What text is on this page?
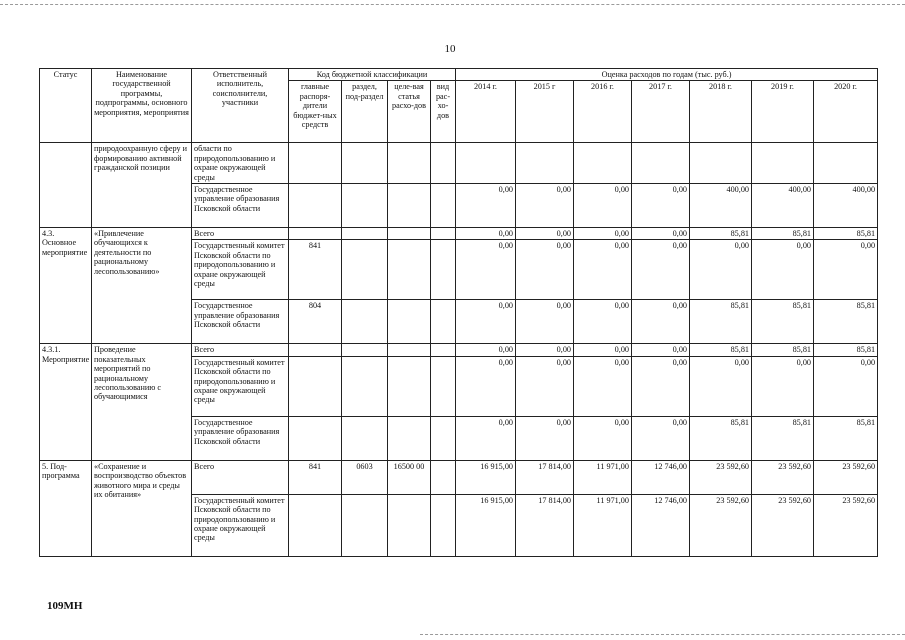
10
Статус	Наименование государственной программы, подпрограммы, основного мероприятия, мероприятия	Ответственный исполнитель, соисполнители, участники	Код бюджетной классификации				Оценка расходов по годам (тыс. руб.)						
			главные распоря-дители бюджет-ных средств	раздел, под-раздел	целе-вая статья расхо-дов	вид рас-хо-дов	2014 г.	2015 г	2016 г.	2017 г.	2018 г.	2019 г.	2020 г.
	природоохранную сферу и формированию активной гражданской позиции	области по природопользованию и охране окружающей среды											
		Государственное управление образования Псковской области					0,00	0,00	0,00	0,00	400,00	400,00	400,00
4.3. Основное мероприятие	«Привлечение обучающихся к деятельности по рациональному лесопользованию»	Всего					0,00	0,00	0,00	0,00	85,81	85,81	85,81
		Государственный комитет Псковской области по природопользованию и охране окружающей среды	841				0,00	0,00	0,00	0,00	0,00	0,00	0,00
		Государственное управление образования Псковской области	804				0,00	0,00	0,00	0,00	85,81	85,81	85,81
4.3.1. Мероприятие	Проведение показательных мероприятий по рациональному лесопользованию с обучающимися	Всего					0,00	0,00	0,00	0,00	85,81	85,81	85,81
		Государственный комитет Псковской области по природопользованию и охране окружающей среды					0,00	0,00	0,00	0,00	0,00	0,00	0,00
		Государственное управление образования Псковской области					0,00	0,00	0,00	0,00	85,81	85,81	85,81
5. Под-программа	«Сохранение и воспроизводство объектов животного мира и среды их обитания»	Всего	841	0603	16500 00		16 915,00	17 814,00	11 971,00	12 746,00	23 592,60	23 592,60	23 592,60
		Государственный комитет Псковской области по природопользованию и охране окружающей среды					16 915,00	17 814,00	11 971,00	12 746,00	23 592,60	23 592,60	23 592,60
109МН
